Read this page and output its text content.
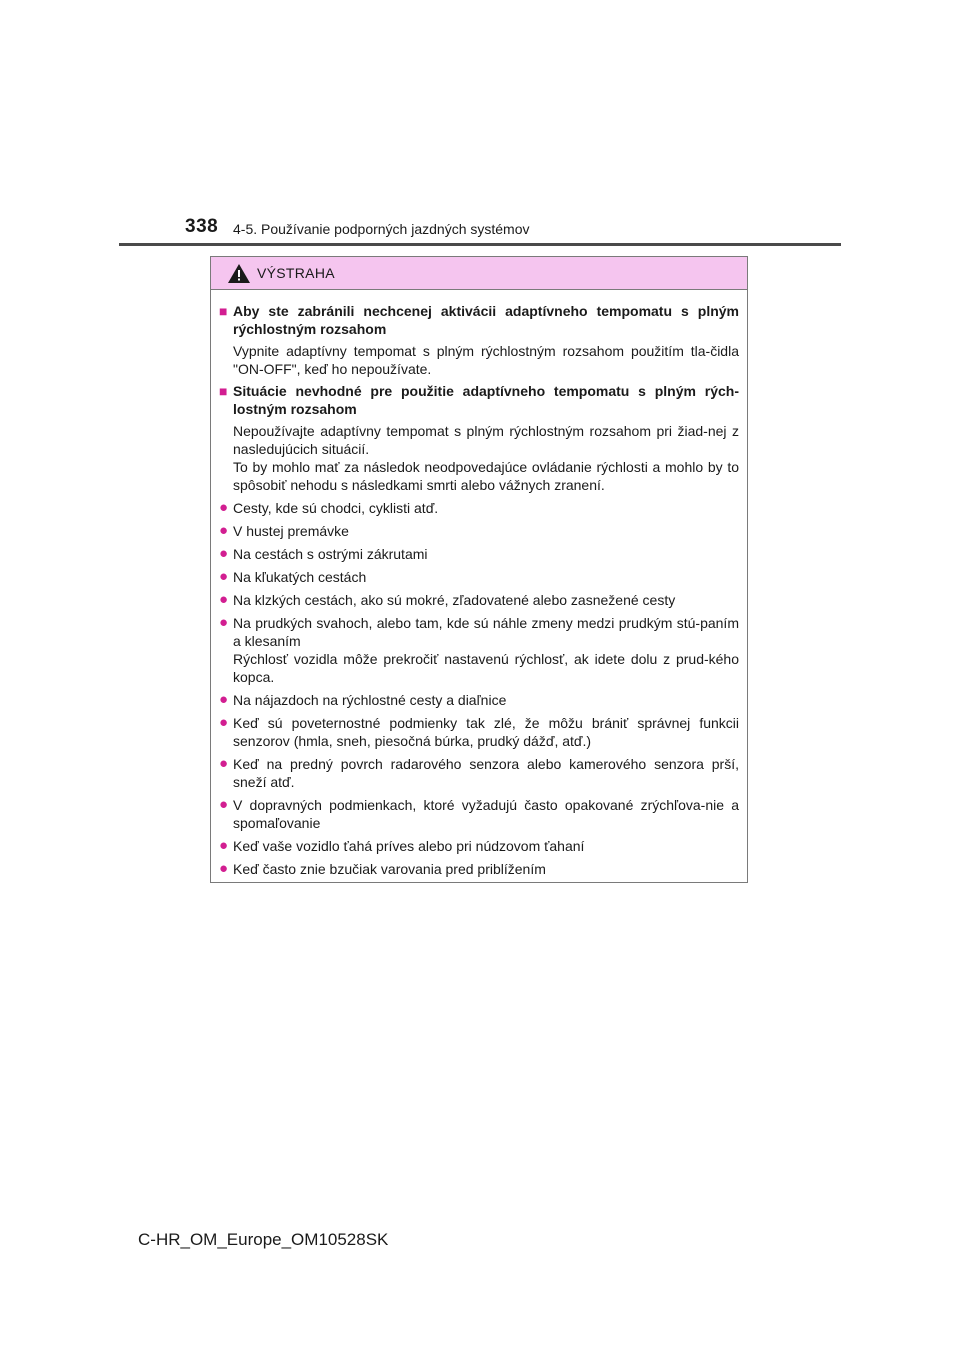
338 4-5. Používanie podporných jazdných systémov
VÝSTRAHA
■ Aby ste zabránili nechcenej aktivácii adaptívneho tempomatu s plným rýchlostným rozsahom

Vypnite adaptívny tempomat s plným rýchlostným rozsahom použitím tla-čidla "ON-OFF", keď ho nepoužívate.

■ Situácie nevhodné pre použitie adaptívneho tempomatu s plným rých-lostným rozsahom

Nepoužívajte adaptívny tempomat s plným rýchlostným rozsahom pri žiad-nej z nasledujúcich situácií.

To by mohlo mať za následok neodpovedajúce ovládanie rýchlosti a mohlo by to spôsobiť nehodu s následkami smrti alebo vážnych zranení.

● Cesty, kde sú chodci, cyklisti atď.

● V hustej premávke

● Na cestách s ostrými zákrutami

● Na kľukatých cestách

● Na klzkých cestách, ako sú mokré, zľadovatené alebo zasnežené cesty

● Na prudkých svahoch, alebo tam, kde sú náhle zmeny medzi prudkým stú-paním a klesaním

Rýchlosť vozidla môže prekročiť nastavenú rýchlosť, ak idete dolu z prud-kého kopca.

● Na nájazdoch na rýchlostné cesty a diaľnice

● Keď sú poveternostné podmienky tak zlé, že môžu brániť správnej funkcii senzorov (hmla, sneh, piesočná búrka, prudký dážď, atď.)

● Keď na predný povrch radarového senzora alebo kamerového senzora prší, sneží atď.

● V dopravných podmienkach, ktoré vyžadujú často opakované zrýchľova-nie a spomaľovanie

● Keď vaše vozidlo ťahá príves alebo pri núdzovom ťahaní

● Keď často znie bzučiak varovania pred priblížením

C-HR_OM_Europe_OM10528SK
